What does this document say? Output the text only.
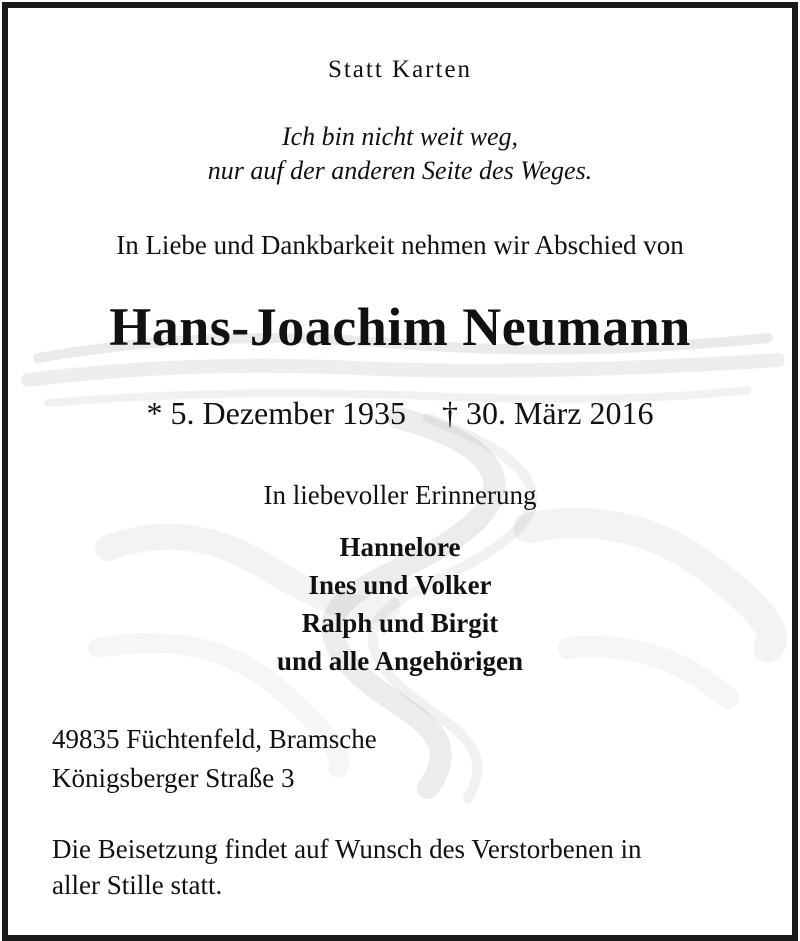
Statt Karten
Ich bin nicht weit weg,
nur auf der anderen Seite des Weges.
In Liebe und Dankbarkeit nehmen wir Abschied von
Hans-Joachim Neumann
* 5. Dezember 1935 † 30. März 2016
In liebevoller Erinnerung
Hannelore
Ines und Volker
Ralph und Birgit
und alle Angehörigen
49835 Füchtenfeld, Bramsche
Königsberger Straße 3
Die Beisetzung findet auf Wunsch des Verstorbenen in
aller Stille statt.
